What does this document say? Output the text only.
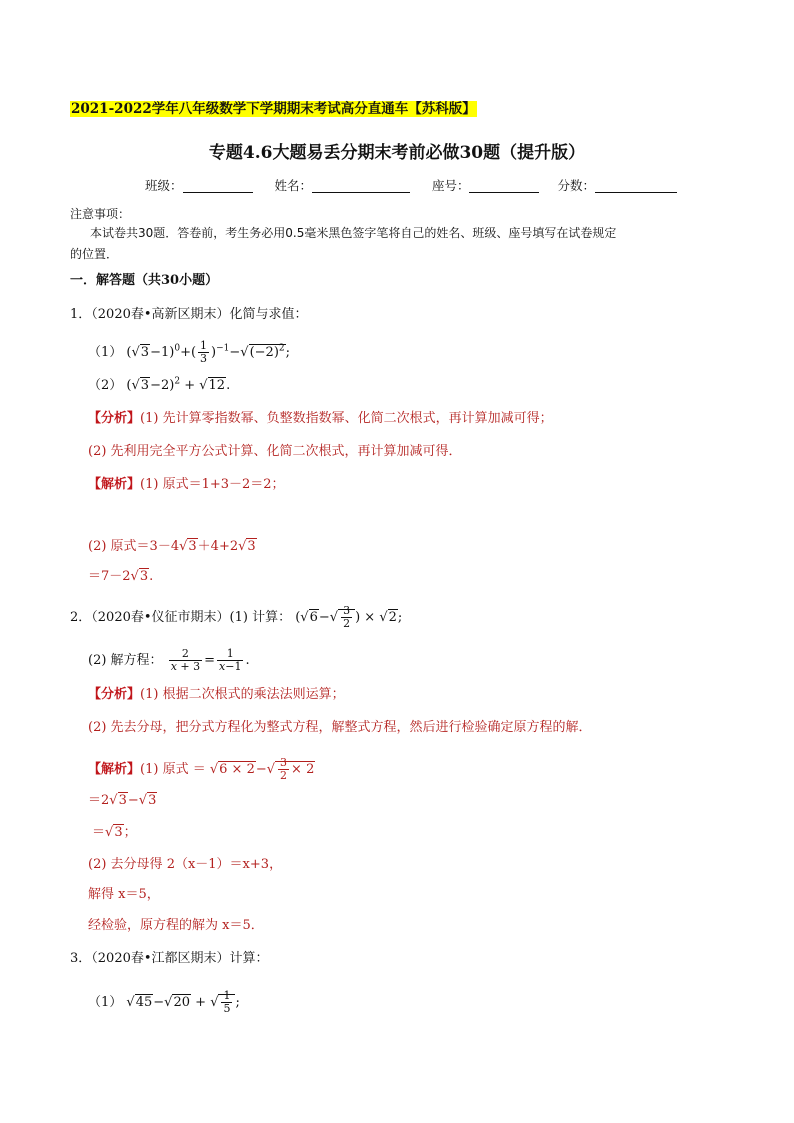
2021-2022学年八年级数学下学期期末考试高分直通车【苏科版】
专题4.6大题易丢分期末考前必做30题（提升版）
班级：	姓名：	座号：	分数：
注意事项：
本试卷共30题．答卷前，考生务必用0.5毫米黑色签字笔将自己的姓名、班级、座号填写在试卷规定
的位置．
一．解答题（共30小题）
1．（2020春•高新区期末）化简与求值：
（1） $(√3-1)^0+( \frac{1}{3} )^{-1}-√(-2)^2$;
（2） $(√3-2)^2 + √12$.
【分析】(1) 先计算零指数幂、负整数指数幂、化简二次根式，再计算加减可得；
(2) 先利用完全平方公式计算、化简二次根式，再计算加减可得．
【解析】(1) 原式＝1+3－2＝2；
(2) 原式＝3－4√3＋4+2√3
＝7－2√3.
2．（2020春•仪征市期末）(1) 计算： ($√6-√ \frac{3}{2}$ ) × √2;
(2) 解方程： $\frac{2}{x + 3} = \frac{1}{x-1}$ .
【分析】(1) 根据二次根式的乘法法则运算；
(2) 先去分母，把分式方程化为整式方程，解整式方程，然后进行检验确定原方程的解．
【解析】(1) 原式 ＝ $√6 \times 2-√ \frac{3}{2} \times 2$
＝2√3−√3
＝√3；
(2) 去分母得 2（x－1）＝x+3，
解得 x＝5，
经检验，原方程的解为 x＝5．
3．（2020春•江都区期末）计算：
（1） √45−√20 + √ $\frac{1}{5}$ ;
